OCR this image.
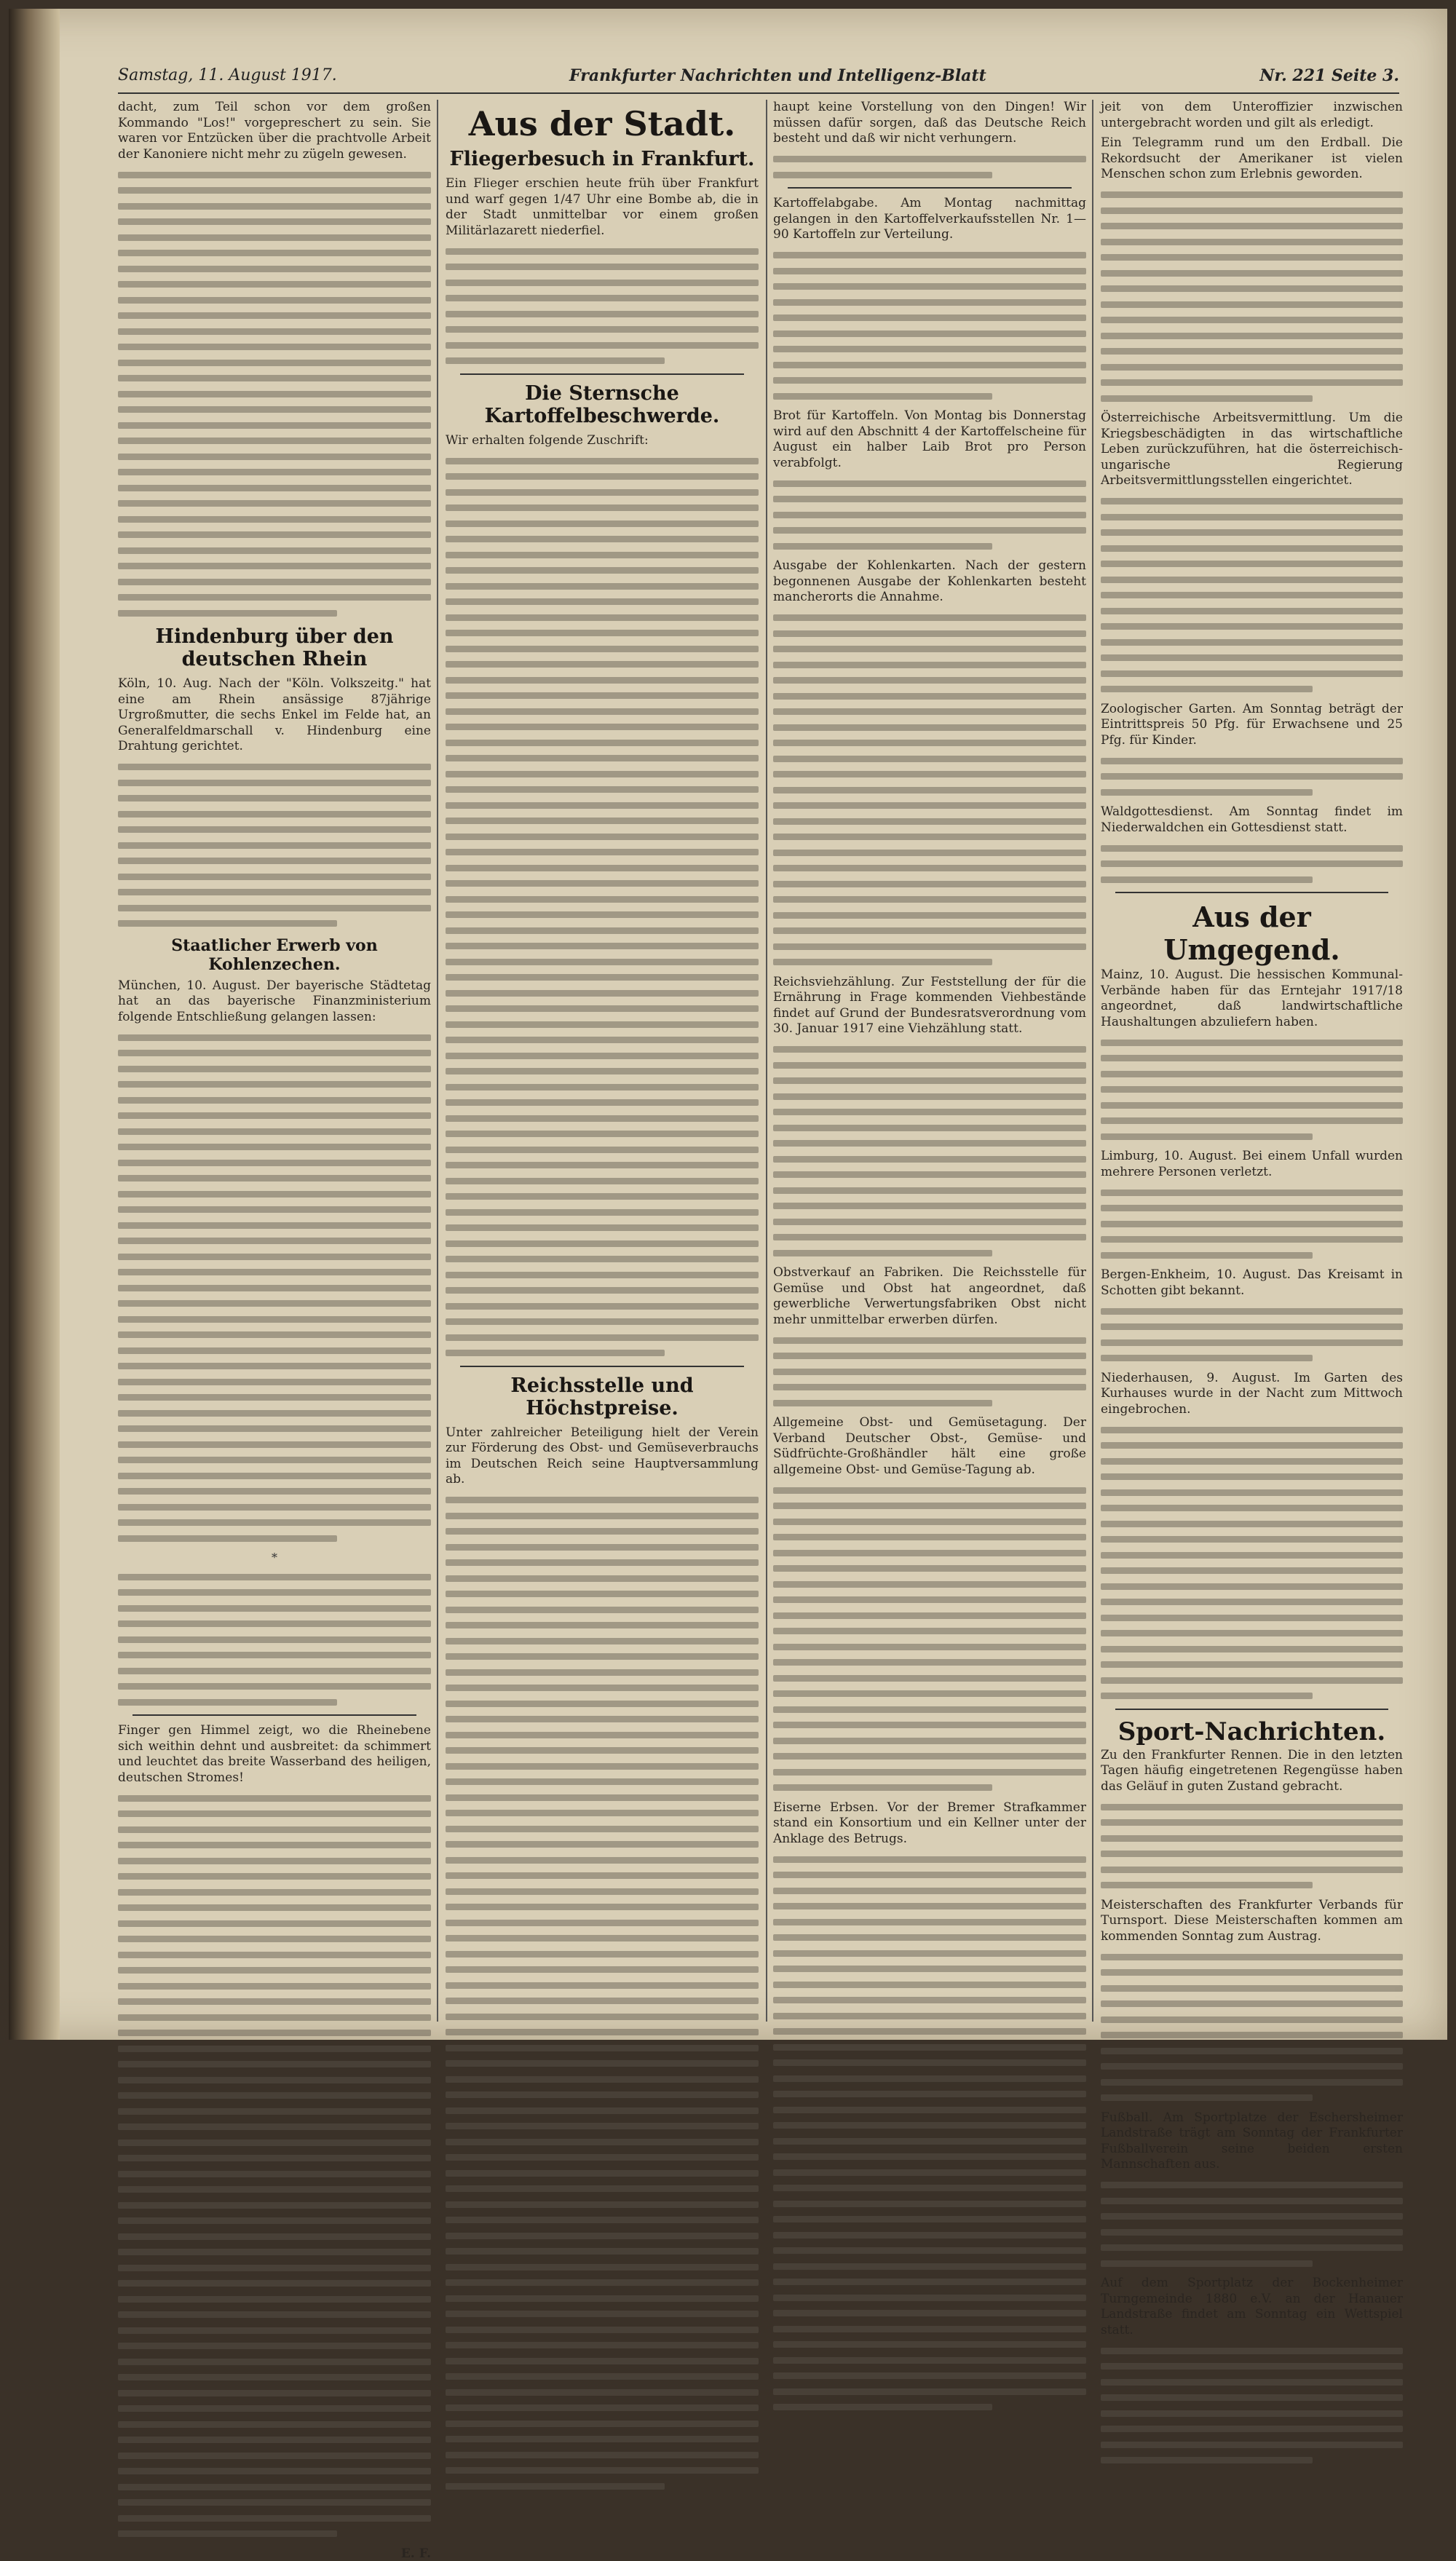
Samstag, 11. August 1917.	Frankfurter Nachrichten und Intelligenz-Blatt	Nr. 221 Seite 3.

dacht, zum Teil schon vor dem großen Kommando "Los!" vorgepreschert zu sein. Sie waren vor Entzücken über die prachtvolle Arbeit der Kanoniere nicht mehr zu zügeln gewesen.

Hindenburg über den deutschen Rhein

Köln, 10. Aug. Nach der "Köln. Volkszeitg." hat eine am Rhein ansässige 87jährige Urgroßmutter, die sechs Enkel im Felde hat, an Generalfeldmarschall v. Hindenburg eine Drahtung gerichtet.

Staatlicher Erwerb von Kohlenzechen.

München, 10. August. Der bayerische Städtetag hat an das bayerische Finanzministerium folgende Entschließung gelangen lassen:

*

Finger gen Himmel zeigt, wo die Rheinebene sich weithin dehnt und ausbreitet: da schimmert und leuchtet das breite Wasserband des heiligen, deutschen Stromes!

E. F.
Aus der Stadt.
Fliegerbesuch in Frankfurt.

Ein Flieger erschien heute früh über Frankfurt und warf gegen 1/47 Uhr eine Bombe ab, die in der Stadt unmittelbar vor einem großen Militärlazarett niederfiel.

Die Sternsche Kartoffelbeschwerde.

Wir erhalten folgende Zuschrift:

Reichsstelle und Höchstpreise.

Unter zahlreicher Beteiligung hielt der Verein zur Förderung des Obst- und Gemüseverbrauchs im Deutschen Reich seine Hauptversammlung ab.

haupt keine Vorstellung von den Dingen! Wir müssen dafür sorgen, daß das Deutsche Reich besteht und daß wir nicht verhungern.

Kartoffelabgabe. Am Montag nachmittag gelangen in den Kartoffelverkaufsstellen Nr. 1—90 Kartoffeln zur Verteilung.

Brot für Kartoffeln. Von Montag bis Donnerstag wird auf den Abschnitt 4 der Kartoffelscheine für August ein halber Laib Brot pro Person verabfolgt.

Ausgabe der Kohlenkarten. Nach der gestern begonnenen Ausgabe der Kohlenkarten besteht mancherorts die Annahme.

Reichsviehzählung. Zur Feststellung der für die Ernährung in Frage kommenden Viehbestände findet auf Grund der Bundesratsverordnung vom 30. Januar 1917 eine Viehzählung statt.

Obstverkauf an Fabriken. Die Reichsstelle für Gemüse und Obst hat angeordnet, daß gewerbliche Verwertungsfabriken Obst nicht mehr unmittelbar erwerben dürfen.

Allgemeine Obst- und Gemüsetagung. Der Verband Deutscher Obst-, Gemüse- und Südfrüchte-Großhändler hält eine große allgemeine Obst- und Gemüse-Tagung ab.

Eiserne Erbsen. Vor der Bremer Strafkammer stand ein Konsortium und ein Kellner unter der Anklage des Betrugs.

jeit von dem Unteroffizier inzwischen untergebracht worden und gilt als erledigt.

Ein Telegramm rund um den Erdball. Die Rekordsucht der Amerikaner ist vielen Menschen schon zum Erlebnis geworden.

Österreichische Arbeitsvermittlung. Um die Kriegsbeschädigten in das wirtschaftliche Leben zurückzuführen, hat die österreichisch-ungarische Regierung Arbeitsvermittlungsstellen eingerichtet.

Zoologischer Garten. Am Sonntag beträgt der Eintrittspreis 50 Pfg. für Erwachsene und 25 Pfg. für Kinder.

Waldgottesdienst. Am Sonntag findet im Niederwaldchen ein Gottesdienst statt.

Aus der Umgegend.

Mainz, 10. August. Die hessischen Kommunal-Verbände haben für das Erntejahr 1917/18 angeordnet, daß landwirtschaftliche Haushaltungen abzuliefern haben.

Limburg, 10. August. Bei einem Unfall wurden mehrere Personen verletzt.

Bergen-Enkheim, 10. August. Das Kreisamt in Schotten gibt bekannt.

Niederhausen, 9. August. Im Garten des Kurhauses wurde in der Nacht zum Mittwoch eingebrochen.

Sport-Nachrichten.

Zu den Frankfurter Rennen. Die in den letzten Tagen häufig eingetretenen Regengüsse haben das Geläuf in guten Zustand gebracht.

Meisterschaften des Frankfurter Verbands für Turnsport. Diese Meisterschaften kommen am kommenden Sonntag zum Austrag.

Fußball. Am Sportplatze der Eschersheimer Landstraße trägt am Sonntag der Frankfurter Fußballverein seine beiden ersten Mannschaften aus.

Auf dem Sportplatz der Bockenheimer Turngemeinde 1880 e.V. an der Hanauer Landstraße findet am Sonntag ein Wettspiel statt.
